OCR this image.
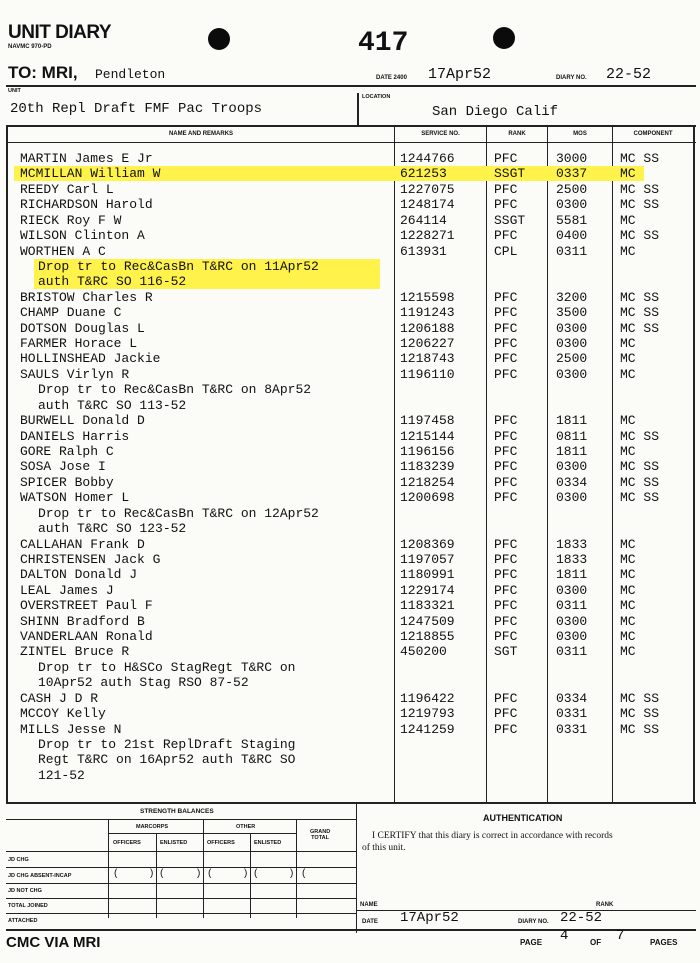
UNIT DIARY
NAVMC 970-PD	417
TO: MRI, Pendleton	DATE 2400 17Apr52	DIARY NO. 22-52
UNIT
20th Repl Draft FMF Pac Troops
LOCATION
San Diego Calif
NAME AND REMARKS	SERVICE NO.	RANK	MOS	COMPONENT
MARTIN James E Jr	1244766	PFC	3000	MC SS
MCMILLAN William W	621253	SSGT 0337	MC
REEDY Carl L	1227075	PFC	2500	MC SS
RICHARDSON Harold	1248174	PFC	0300	MC SS
RIECK Roy F W	264114	SSGT 5581	MC
WILSON Clinton A	1228271	PFC	0400	MC SS
WORTHEN A C	613931	CPL	0311	MC
Drop tr to Rec&CasBn T&RC on 11Apr52
auth T&RC SO 116-52
BRISTOW Charles R	1215598	PFC	3200	MC SS
CHAMP Duane C	1191243	PFC	3500	MC SS
DOTSON Douglas L	1206188	PFC	0300	MC SS
FARMER Horace L	1206227	PFC	0300	MC
HOLLINSHEAD Jackie	1218743	PFC	2500	MC
SAULS Virlyn R	1196110	PFC	0300	MC
Drop tr to Rec&CasBn T&RC on 8Apr52
auth T&RC SO 113-52
BURWELL Donald D	1197458	PFC	1811	MC
DANIELS Harris	1215144	PFC	0811	MC SS
GORE Ralph C	1196156	PFC	1811	MC
SOSA Jose I	1183239	PFC	0300	MC SS
SPICER Bobby	1218254	PFC	0334	MC SS
WATSON Homer L	1200698	PFC	0300	MC SS
Drop tr to Rec&CasBn T&RC on 12Apr52
auth T&RC SO 123-52
CALLAHAN Frank D	1208369	PFC	1833	MC
CHRISTENSEN Jack G	1197057	PFC	1833	MC
DALTON Donald J	1180991	PFC	1811	MC
LEAL James J	1229174	PFC	0300	MC
OVERSTREET Paul F	1183321	PFC	0311	MC
SHINN Bradford B	1247509	PFC	0300	MC
VANDERLAAN Ronald	1218855	PFC	0300	MC
ZINTEL Bruce R	450200	SGT	0311	MC
Drop tr to H&SCo StagRegt T&RC on
10Apr52 auth Stag RSO 87-52
CASH J D R	1196422	PFC	0334	MC SS
MCCOY Kelly	1219793	PFC	0331	MC SS
MILLS Jesse N	1241259	PFC	0331	MC SS
Drop tr to 21st ReplDraft Staging
Regt T&RC on 16Apr52 auth T&RC SO
121-52
STRENGTH BALANCES
MARCORPS	OTHER
GRAND
TOTAL
OFFICERS	ENLISTED	OFFICERS	ENLISTED
JD CHG
JD CHG ABSENT-INCAP
JD NOT CHG
TOTAL JOINED
ATTACHED
(	) (	) (	) (	) (
AUTHENTICATION
I CERTIFY that this diary is correct in accordance with records
of this unit.
NAME	RANK
DATE 17Apr52	DIARY NO. 22-52
CMC VIA MRI	PAGE 4	OF 7	PAGES
